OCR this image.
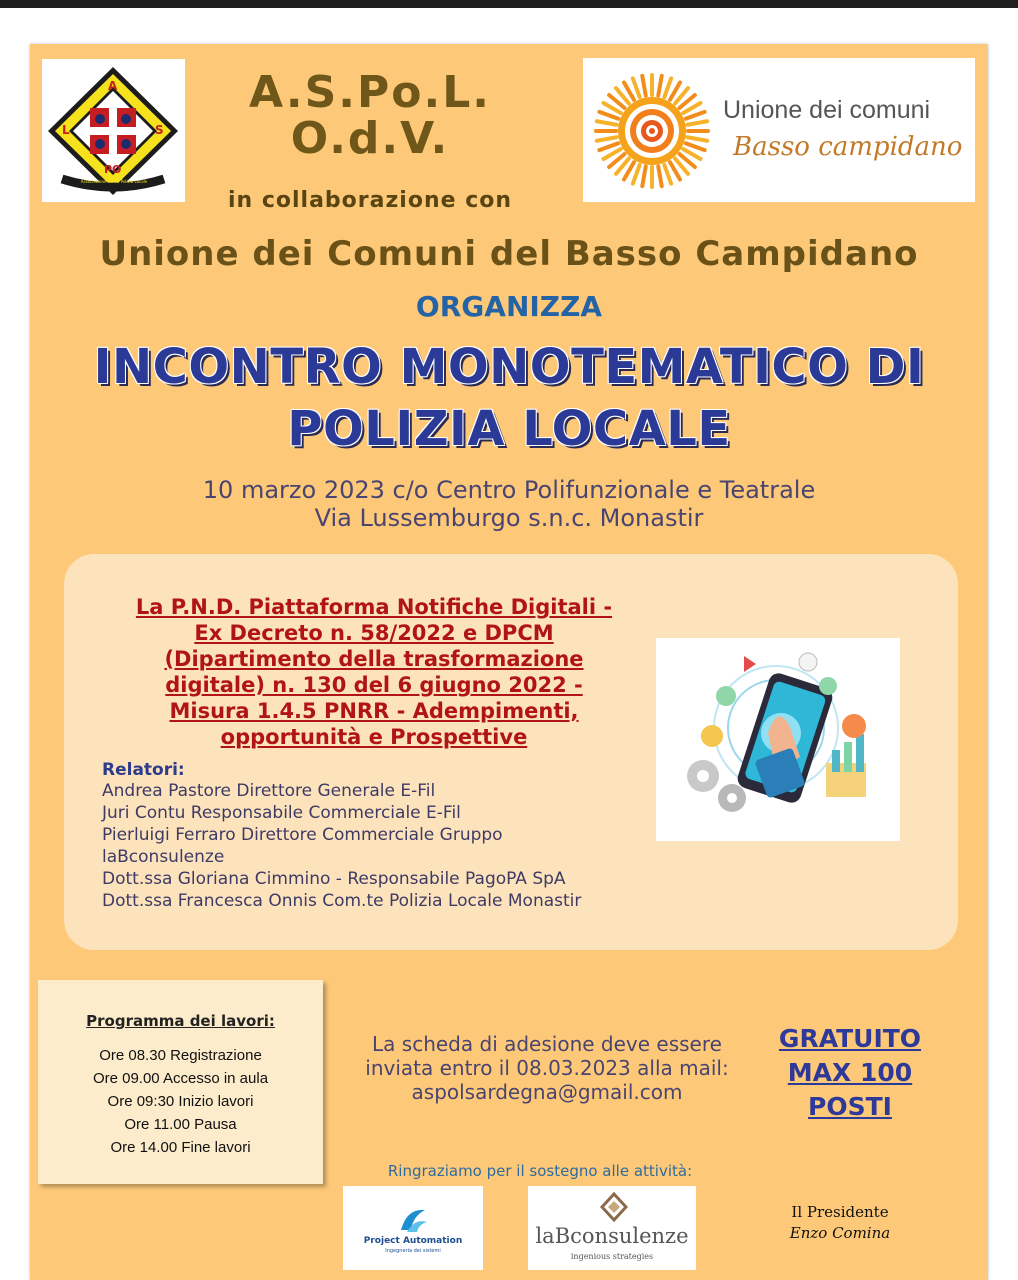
A
L	S
PO
Associazione Sarda Polizia Locale
A.S.Po.L.
O.d.V.
in collaborazione con
Unione dei comuni
Basso campidano
Unione dei Comuni del Basso Campidano
ORGANIZZA
INCONTRO MONOTEMATICO DI
POLIZIA LOCALE
10 marzo 2023 c/o Centro Polifunzionale e Teatrale
Via Lussemburgo s.n.c. Monastir
La P.N.D. Piattaforma Notifiche Digitali -
Ex Decreto n. 58/2022 e DPCM
(Dipartimento della trasformazione
digitale) n. 130 del 6 giugno 2022 -
Misura 1.4.5 PNRR - Adempimenti,
opportunità e Prospettive
Relatori:
Andrea Pastore Direttore Generale E-Fil
Juri Contu Responsabile Commerciale E-Fil
Pierluigi Ferraro Direttore Commerciale Gruppo
laBconsulenze
Dott.ssa Gloriana Cimmino - Responsabile PagoPA SpA
Dott.ssa Francesca Onnis Com.te Polizia Locale Monastir
Programma dei lavori:
Ore 08.30 Registrazione
Ore 09.00 Accesso in aula
Ore 09:30 Inizio lavori
Ore 11.00 Pausa
Ore 14.00 Fine lavori
La scheda di adesione deve essere
inviata entro il 08.03.2023 alla mail:
aspolsardegna@gmail.com
GRATUITO
MAX 100
POSTI
Ringraziamo per il sostegno alle attività:
Project Automation
Ingegneria dei sistemi
laBconsulenze
ingenious strategies
Il Presidente
Enzo Comina
